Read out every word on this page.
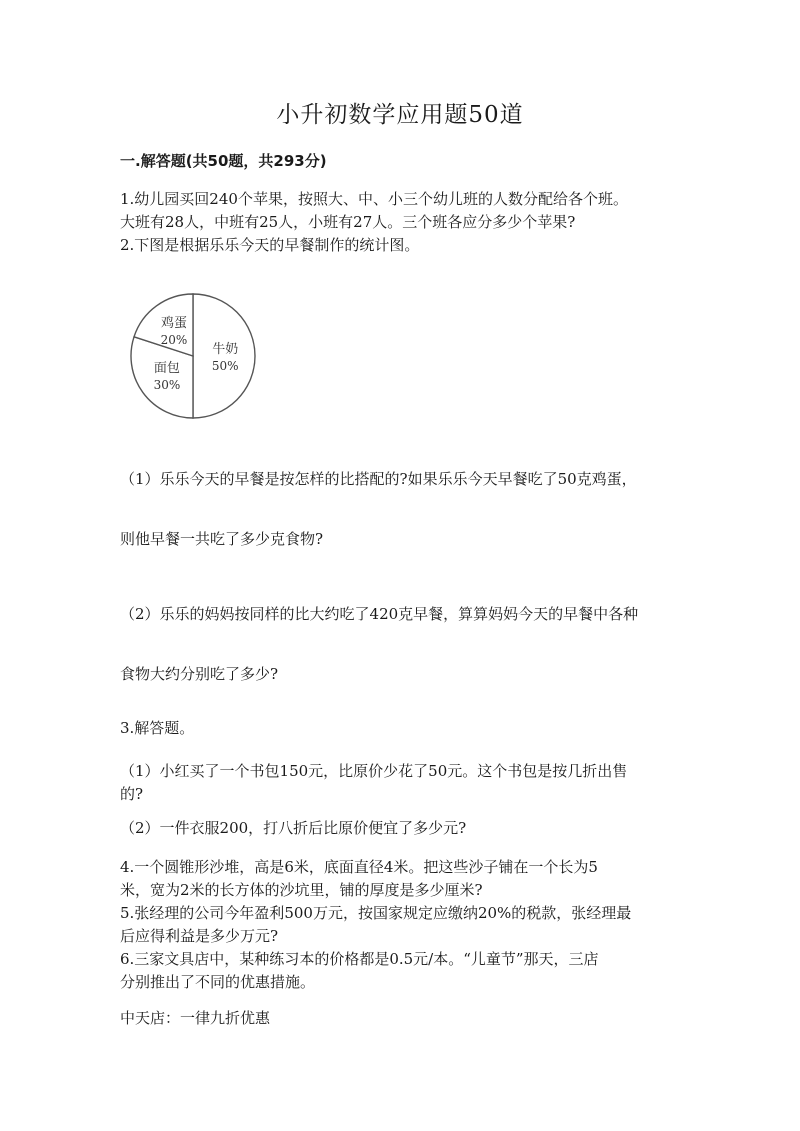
小升初数学应用题50道
一.解答题(共50题，共293分)
1.幼儿园买回240个苹果，按照大、中、小三个幼儿班的人数分配给各个班。
大班有28人，中班有25人，小班有27人。三个班各应分多少个苹果?
2.下图是根据乐乐今天的早餐制作的统计图。
牛奶
50%
面包
30%
鸡蛋
20%
（1）乐乐今天的早餐是按怎样的比搭配的?如果乐乐今天早餐吃了50克鸡蛋，
则他早餐一共吃了多少克食物?
（2）乐乐的妈妈按同样的比大约吃了420克早餐，算算妈妈今天的早餐中各种
食物大约分别吃了多少?
3.解答题。
（1）小红买了一个书包150元，比原价少花了50元。这个书包是按几折出售
的?
（2）一件衣服200，打八折后比原价便宜了多少元?
4.一个圆锥形沙堆，高是6米，底面直径4米。把这些沙子铺在一个长为5
米，宽为2米的长方体的沙坑里，铺的厚度是多少厘米?
5.张经理的公司今年盈利500万元，按国家规定应缴纳20%的税款，张经理最
后应得利益是多少万元?
6.三家文具店中，某种练习本的价格都是0.5元/本。“儿童节”那天，三店
分别推出了不同的优惠措施。
中天店：一律九折优惠
